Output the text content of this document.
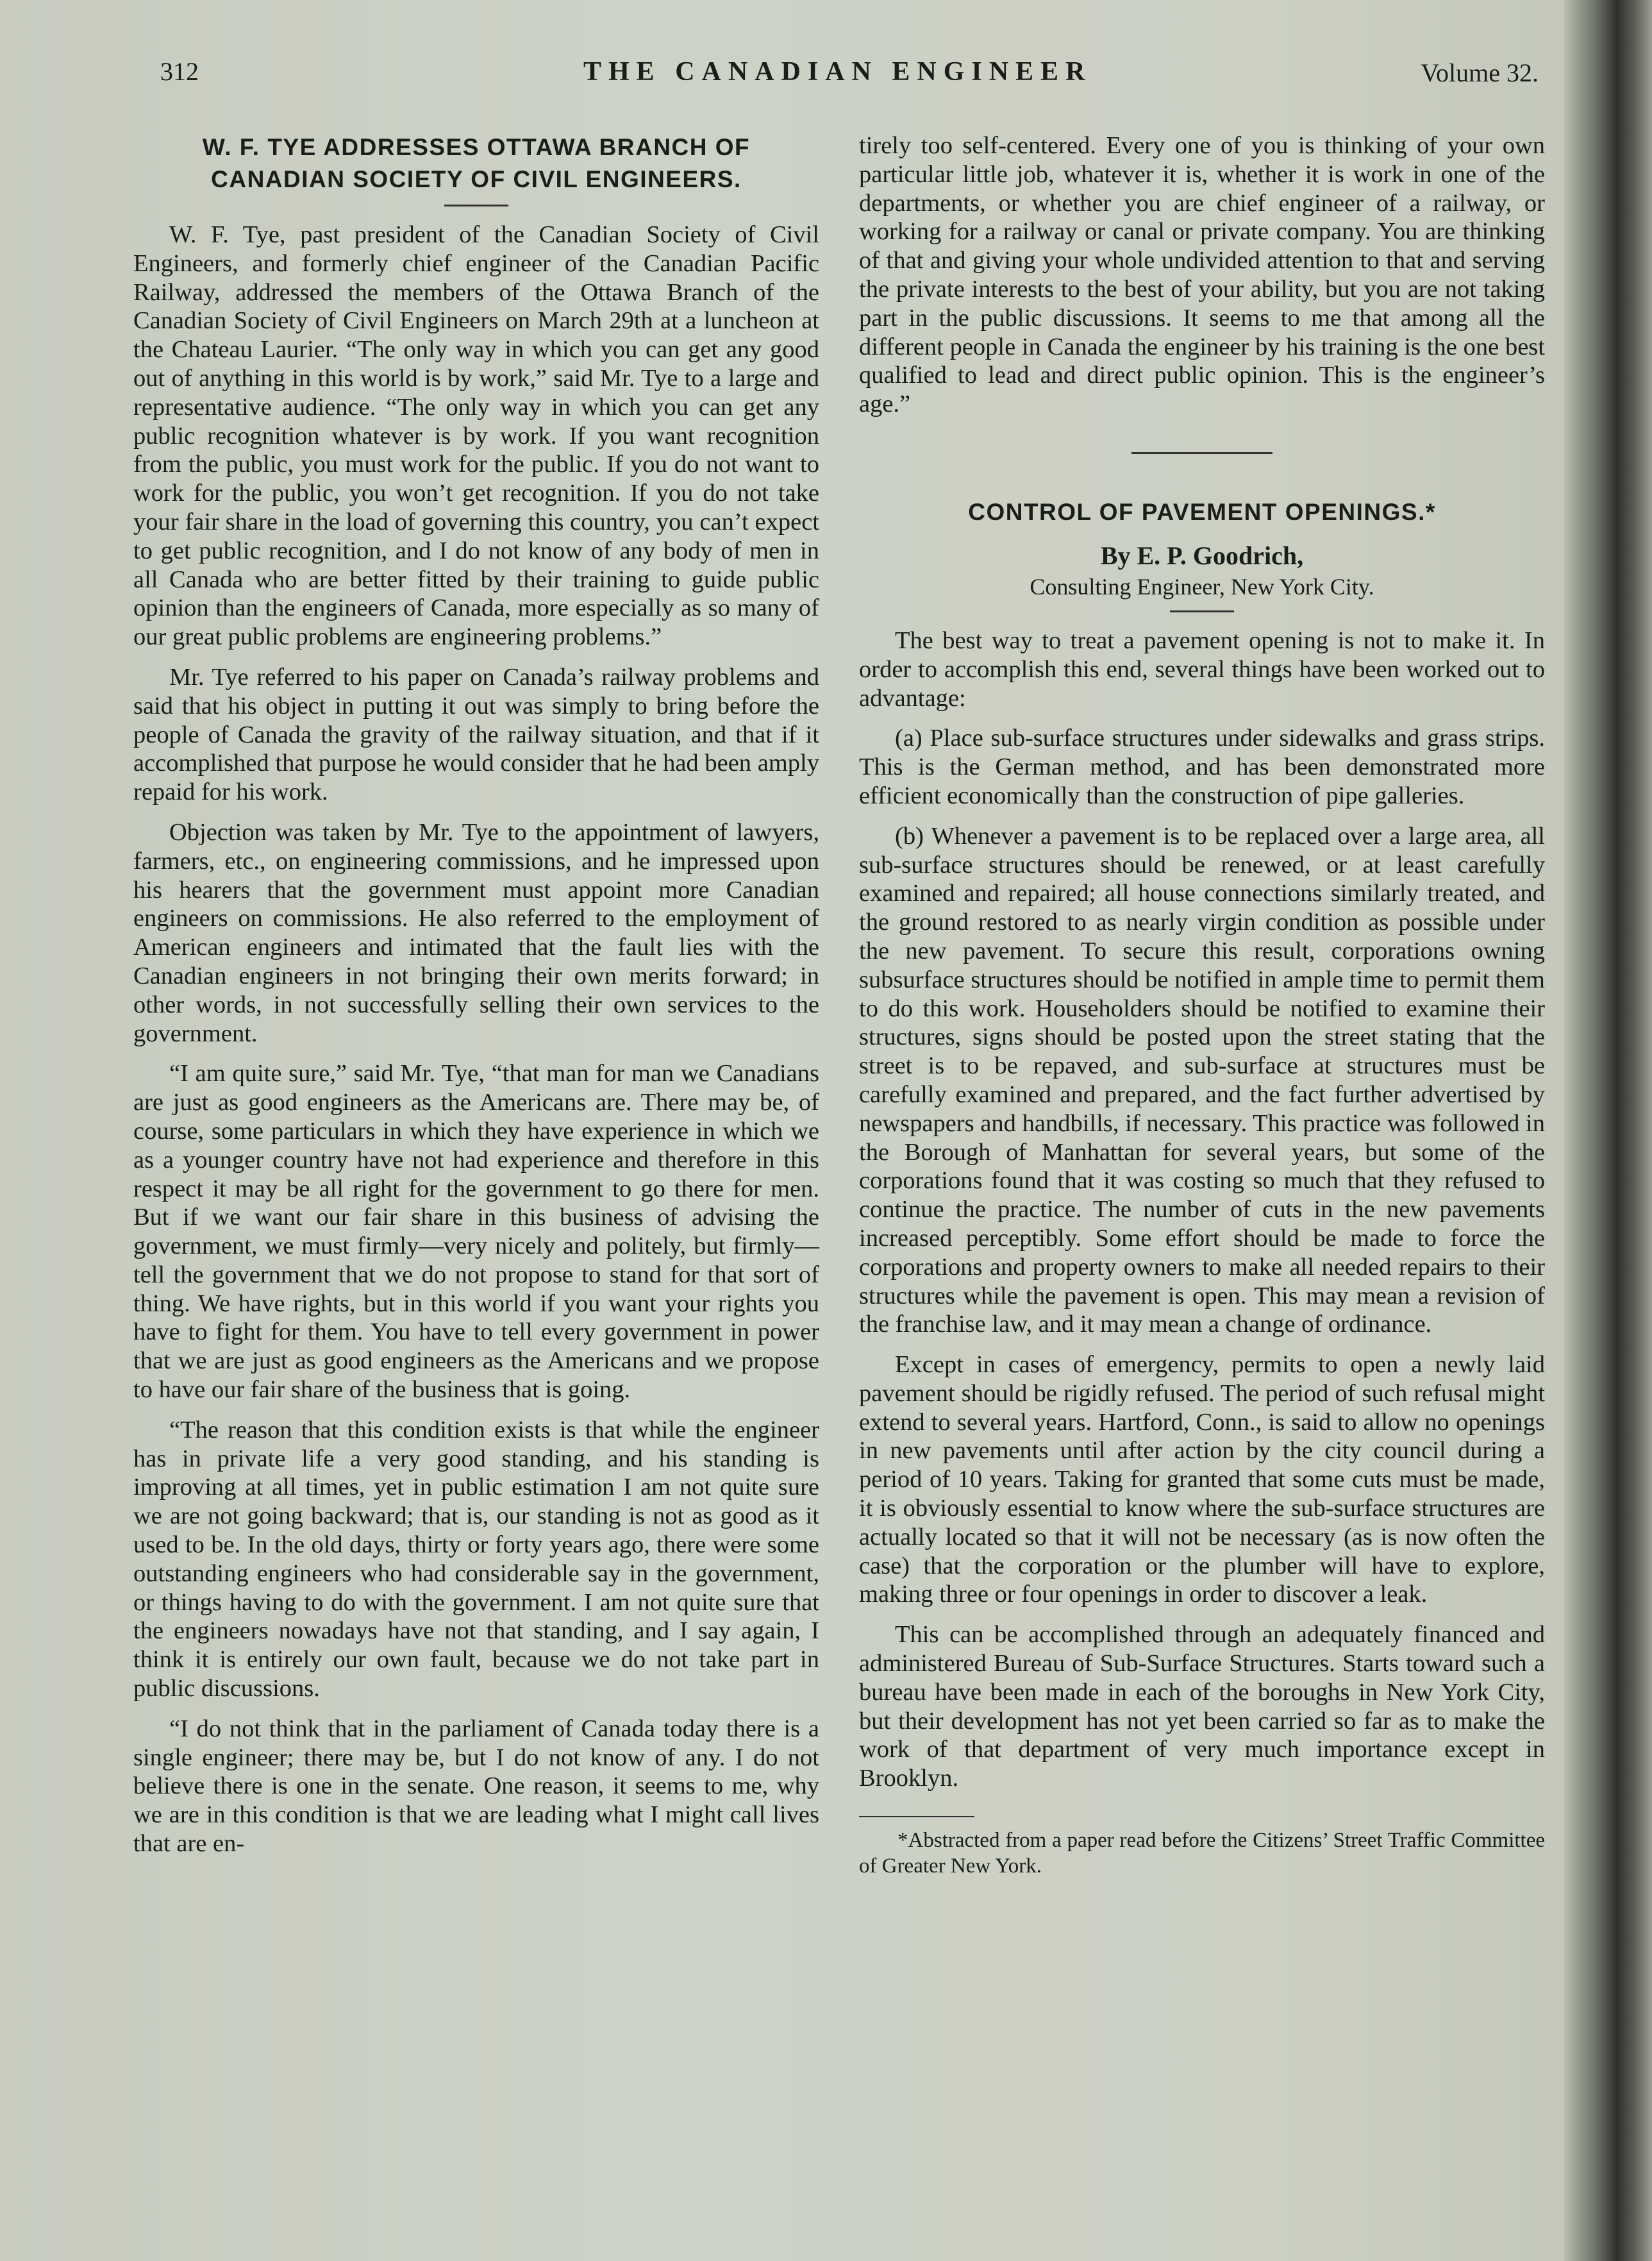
312	THE CANADIAN ENGINEER	Volume 32.
W. F. TYE ADDRESSES OTTAWA BRANCH OF CANADIAN SOCIETY OF CIVIL ENGINEERS.

W. F. Tye, past president of the Canadian Society of Civil Engineers, and formerly chief engineer of the Canadian Pacific Railway, addressed the members of the Ottawa Branch of the Canadian Society of Civil Engineers on March 29th at a luncheon at the Chateau Laurier. “The only way in which you can get any good out of anything in this world is by work,” said Mr. Tye to a large and representative audience. “The only way in which you can get any public recognition whatever is by work. If you want recognition from the public, you must work for the public. If you do not want to work for the public, you won’t get recognition. If you do not take your fair share in the load of governing this country, you can’t expect to get public recognition, and I do not know of any body of men in all Canada who are better fitted by their training to guide public opinion than the engineers of Canada, more especially as so many of our great public problems are engineering problems.”

Mr. Tye referred to his paper on Canada’s railway problems and said that his object in putting it out was simply to bring before the people of Canada the gravity of the railway situation, and that if it accomplished that purpose he would consider that he had been amply repaid for his work.

Objection was taken by Mr. Tye to the appointment of lawyers, farmers, etc., on engineering commissions, and he impressed upon his hearers that the government must appoint more Canadian engineers on commissions. He also referred to the employment of American engineers and intimated that the fault lies with the Canadian engineers in not bringing their own merits forward; in other words, in not successfully selling their own services to the government.

“I am quite sure,” said Mr. Tye, “that man for man we Canadians are just as good engineers as the Americans are. There may be, of course, some particulars in which they have experience in which we as a younger country have not had experience and therefore in this respect it may be all right for the government to go there for men. But if we want our fair share in this business of advising the government, we must firmly—very nicely and politely, but firmly—tell the government that we do not propose to stand for that sort of thing. We have rights, but in this world if you want your rights you have to fight for them. You have to tell every government in power that we are just as good engineers as the Americans and we propose to have our fair share of the business that is going.

“The reason that this condition exists is that while the engineer has in private life a very good standing, and his standing is improving at all times, yet in public estimation I am not quite sure we are not going backward; that is, our standing is not as good as it used to be. In the old days, thirty or forty years ago, there were some outstanding engineers who had considerable say in the government, or things having to do with the government. I am not quite sure that the engineers nowadays have not that standing, and I say again, I think it is entirely our own fault, because we do not take part in public discussions.

“I do not think that in the parliament of Canada today there is a single engineer; there may be, but I do not know of any. I do not believe there is one in the senate. One reason, it seems to me, why we are in this condition is that we are leading what I might call lives that are en-

tirely too self-centered. Every one of you is thinking of your own particular little job, whatever it is, whether it is work in one of the departments, or whether you are chief engineer of a railway, or working for a railway or canal or private company. You are thinking of that and giving your whole undivided attention to that and serving the private interests to the best of your ability, but you are not taking part in the public discussions. It seems to me that among all the different people in Canada the engineer by his training is the one best qualified to lead and direct public opinion. This is the engineer’s age.”

CONTROL OF PAVEMENT OPENINGS.*
By E. P. Goodrich,
Consulting Engineer, New York City.

The best way to treat a pavement opening is not to make it. In order to accomplish this end, several things have been worked out to advantage:

(a) Place sub-surface structures under sidewalks and grass strips. This is the German method, and has been demonstrated more efficient economically than the construction of pipe galleries.

(b) Whenever a pavement is to be replaced over a large area, all sub-surface structures should be renewed, or at least carefully examined and repaired; all house connections similarly treated, and the ground restored to as nearly virgin condition as possible under the new pavement. To secure this result, corporations owning subsurface structures should be notified in ample time to permit them to do this work. Householders should be notified to examine their structures, signs should be posted upon the street stating that the street is to be repaved, and sub-surface at structures must be carefully examined and prepared, and the fact further advertised by newspapers and handbills, if necessary. This practice was followed in the Borough of Manhattan for several years, but some of the corporations found that it was costing so much that they refused to continue the practice. The number of cuts in the new pavements increased perceptibly. Some effort should be made to force the corporations and property owners to make all needed repairs to their structures while the pavement is open. This may mean a revision of the franchise law, and it may mean a change of ordinance.

Except in cases of emergency, permits to open a newly laid pavement should be rigidly refused. The period of such refusal might extend to several years. Hartford, Conn., is said to allow no openings in new pavements until after action by the city council during a period of 10 years. Taking for granted that some cuts must be made, it is obviously essential to know where the sub-surface structures are actually located so that it will not be necessary (as is now often the case) that the corporation or the plumber will have to explore, making three or four openings in order to discover a leak.

This can be accomplished through an adequately financed and administered Bureau of Sub-Surface Structures. Starts toward such a bureau have been made in each of the boroughs in New York City, but their development has not yet been carried so far as to make the work of that department of very much importance except in Brooklyn.

*Abstracted from a paper read before the Citizens’ Street Traffic Committee of Greater New York.
